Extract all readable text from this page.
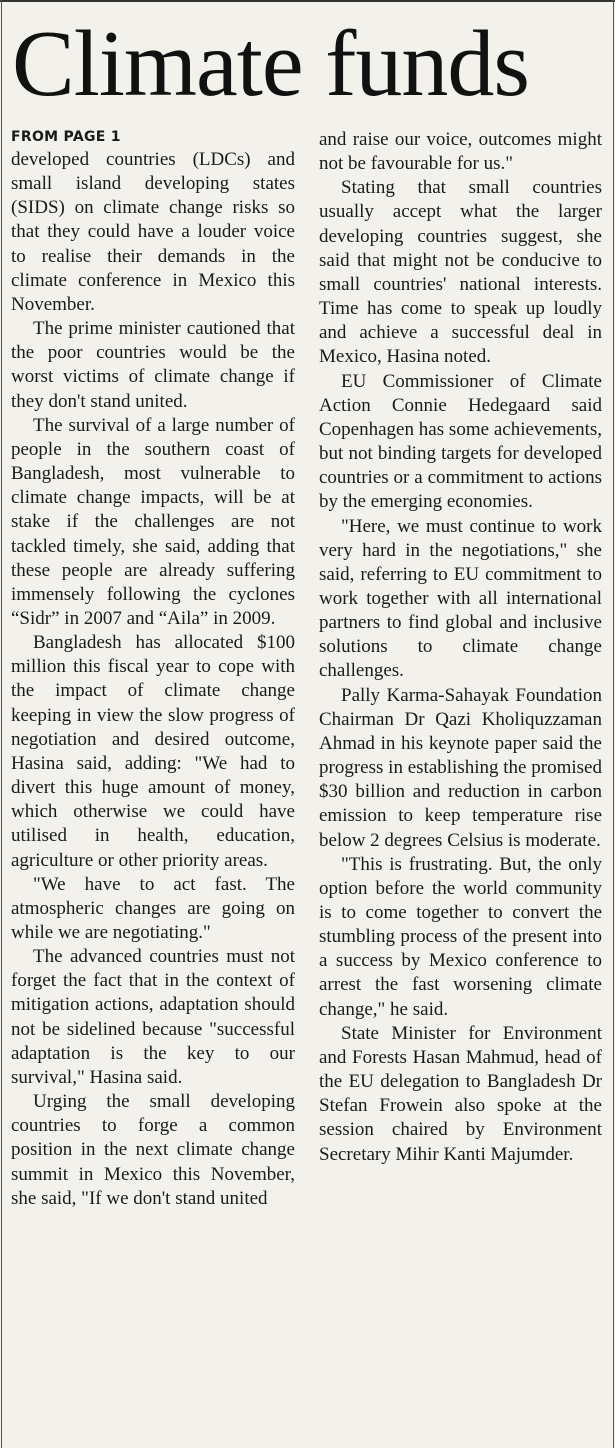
Climate funds
FROM PAGE 1

developed countries (LDCs) and small island developing states (SIDS) on climate change risks so that they could have a louder voice to realise their demands in the climate conference in Mexico this November.

The prime minister cautioned that the poor countries would be the worst victims of climate change if they don't stand united.

The survival of a large number of people in the southern coast of Bangladesh, most vulnerable to climate change impacts, will be at stake if the challenges are not tackled timely, she said, adding that these people are already suffering immensely following the cyclones “Sidr” in 2007 and “Aila” in 2009.

Bangladesh has allocated $100 million this fiscal year to cope with the impact of climate change keeping in view the slow progress of negotiation and desired outcome, Hasina said, adding: "We had to divert this huge amount of money, which otherwise we could have utilised in health, education, agriculture or other priority areas.

"We have to act fast. The atmospheric changes are going on while we are negotiating."

The advanced countries must not forget the fact that in the context of mitigation actions, adaptation should not be sidelined because "successful adaptation is the key to our survival," Hasina said.

Urging the small developing countries to forge a common position in the next climate change summit in Mexico this November, she said, "If we don't stand united

and raise our voice, outcomes might not be favourable for us."

Stating that small countries usually accept what the larger developing countries suggest, she said that might not be conducive to small countries' national interests. Time has come to speak up loudly and achieve a successful deal in Mexico, Hasina noted.

EU Commissioner of Climate Action Connie Hedegaard said Copenhagen has some achievements, but not binding targets for developed countries or a commitment to actions by the emerging economies.

"Here, we must continue to work very hard in the negotiations," she said, referring to EU commitment to work together with all international partners to find global and inclusive solutions to climate change challenges.

Pally Karma-Sahayak Foundation Chairman Dr Qazi Kholiquzzaman Ahmad in his keynote paper said the progress in establishing the promised $30 billion and reduction in carbon emission to keep temperature rise below 2 degrees Celsius is moderate.

"This is frustrating. But, the only option before the world community is to come together to convert the stumbling process of the present into a success by Mexico conference to arrest the fast worsening climate change," he said.

State Minister for Environment and Forests Hasan Mahmud, head of the EU delegation to Bangladesh Dr Stefan Frowein also spoke at the session chaired by Environment Secretary Mihir Kanti Majumder.
